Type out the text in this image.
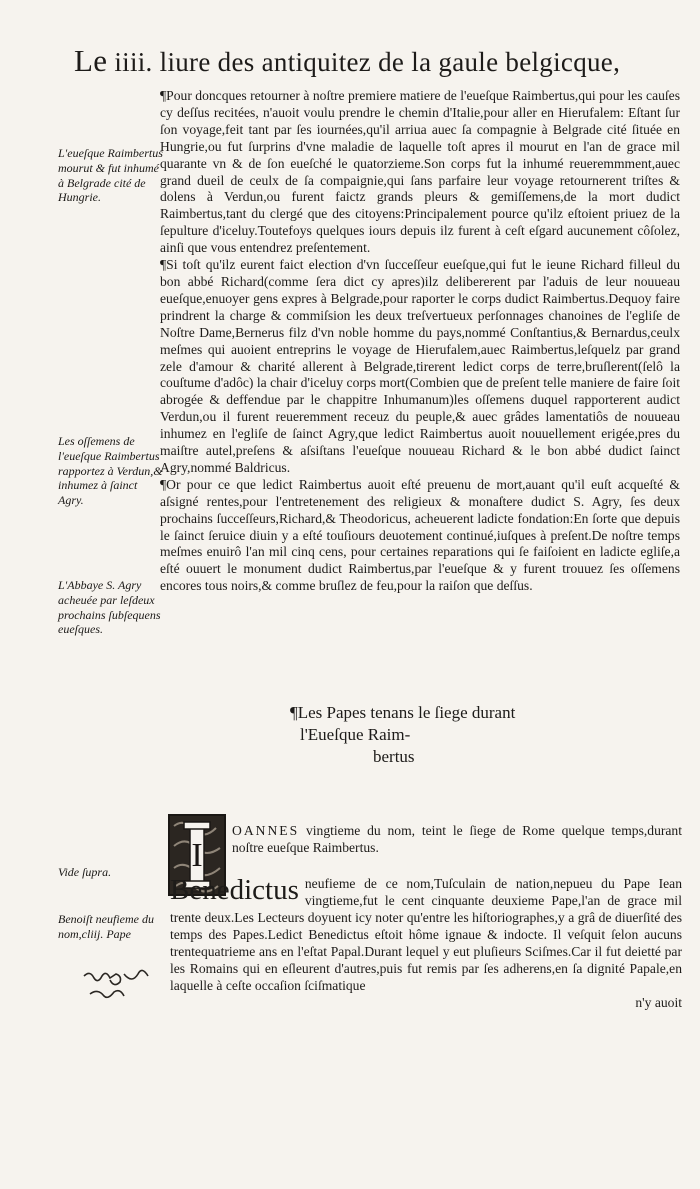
Le iiii. liure des antiquitez de la gaule belgicque,

¶Pour doncques retourner à noſtre premiere matiere de l'eueſque Raimbertus,qui pour les cauſes cy deſſus recitées, n'auoit voulu prendre le chemin d'Italie,pour aller en Hierufalem: Eſtant ſur ſon voyage,feit tant par ſes iournées,qu'il arriua auec ſa compagnie à Belgrade cité ſituée en Hungrie,ou fut ſurprins d'vne maladie de laquelle toſt apres il mourut en l'an de grace mil quarante vn & de ſon eueſché le quatorzieme.Son corps fut la inhumé reueremmment,auec grand dueil de ceulx de ſa compaignie,qui ſans parfaire leur voyage retournerent triſtes & dolens à Verdun,ou furent faictz grands pleurs & gemiſſemens,de la mort dudict Raimbertus,tant du clergé que des citoyens:Principalement pource qu'ilz eſtoient priuez de la ſepulture d'iceluy.Toutefoys quelques iours depuis ilz furent à ceſt eſgard aucunement côſolez, ainſi que vous entendrez preſentement.

¶Si toſt qu'ilz eurent faict election d'vn ſucceſſeur eueſque,qui fut le ieune Richard filleul du bon abbé Richard(comme ſera dict cy apres)ilz delibererent par l'aduis de leur nouueau eueſque,enuoyer gens expres à Belgrade,pour raporter le corps dudict Raimbertus.Dequoy faire prindrent la charge & commiſsion les deux treſvertueux perſonnages chanoines de l'egliſe de Noſtre Dame,Bernerus filz d'vn noble homme du pays,nommé Conſtantius,& Bernardus,ceulx meſmes qui auoient entreprins le voyage de Hierufalem,auec Raimbertus,leſquelz par grand zele d'amour & charité allerent à Belgrade,tirerent ledict corps de terre,bruſlerent(ſelô la couſtume d'adôc) la chair d'iceluy corps mort(Combien que de preſent telle maniere de faire ſoit abrogée & deffendue par le chappitre Inhumanum)les oſſemens duquel rapporterent audict Verdun,ou il furent reueremment receuz du peuple,& auec grâdes lamentatiôs de nouueau inhumez en l'egliſe de ſainct Agry,que ledict Raimbertus auoit nouuellement erigée,pres du maiſtre autel,preſens & aſsiſtans l'eueſque nouueau Richard & le bon abbé dudict ſainct Agry,nommé Baldricus.

¶Or pour ce que ledict Raimbertus auoit eſté preuenu de mort,auant qu'il euſt acqueſté & aſsigné rentes,pour l'entretenement des religieux & monaſtere dudict S. Agry, ſes deux prochains ſucceſſeurs,Richard,& Theodoricus, acheuerent ladicte fondation:En ſorte que depuis le ſainct ſeruice diuin y a eſté touſiours deuotement continué,iuſques à preſent.De noſtre temps meſmes enuirô l'an mil cinq cens, pour certaines reparations qui ſe faiſoient en ladicte egliſe,a eſté ouuert le monument dudict Raimbertus,par l'eueſque & y furent trouuez ſes oſſemens encores tous noirs,& comme bruſlez de feu,pour la raiſon que deſſus.

L'eueſque Raimbertus mourut & fut inhumé à Belgrade cité de Hungrie.
Les oſſemens de l'eueſque Raimbertus rapportez à Verdun,& inhumez à ſainct Agry.
L'Abbaye S. Agry acheuée par leſdeux prochains ſubſequens eueſques.
Vide ſupra.
Benoiſt neufieme du nom,cliij. Pape
¶Les Papes tenans le ſiege durant
l'Eueſque Raim-
bertus
I
OANNES vingtieme du nom, teint le ſiege de Rome quelque temps,durant noſtre eueſque Raimbertus.
Benedictus neufieme de ce nom,Tuſculain de nation,nepueu du Pape Iean vingtieme,fut le cent cinquante deuxieme Pape,l'an de grace mil trente deux.Les Lecteurs doyuent icy noter qu'entre les hiſtoriographes,y a grâ de diuerſité des temps des Papes.Ledict Benedictus eſtoit hôme ignaue & indocte. Il veſquit ſelon aucuns trentequatrieme ans en l'eſtat Papal.Durant lequel y eut pluſieurs Sciſmes.Car il fut deietté par les Romains qui en eſleurent d'autres,puis fut remis par ſes adherens,en ſa dignité Papale,en laquelle à ceſte occaſion ſciſmatique
n'y auoit
